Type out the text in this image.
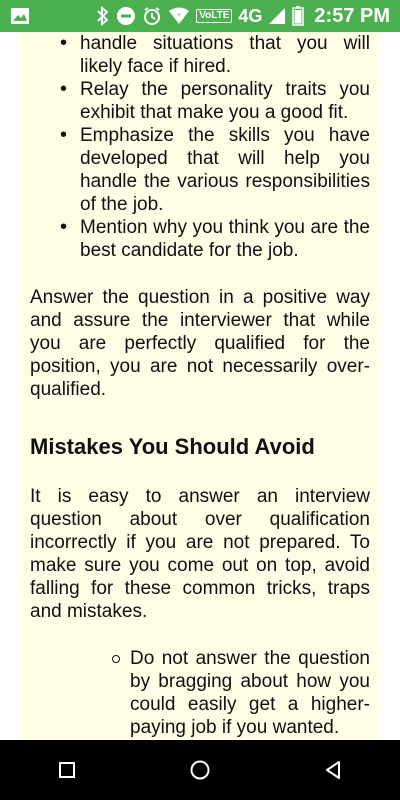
+	VoLTE 4G	2:57 PM
• handle situations that you will likely face if hired.
• Relay the personality traits you exhibit that make you a good fit.
• Emphasize the skills you have developed that will help you handle the various responsibilities of the job.
• Mention why you think you are the best candidate for the job.

Answer the question in a positive way and assure the interviewer that while you are perfectly qualified for the position, you are not necessarily over-qualified.

Mistakes You Should Avoid

It is easy to answer an interview question about over qualification incorrectly if you are not prepared. To make sure you come out on top, avoid falling for these common tricks, traps and mistakes.

Do not answer the question by bragging about how you could easily get a higher-paying job if you wanted.
